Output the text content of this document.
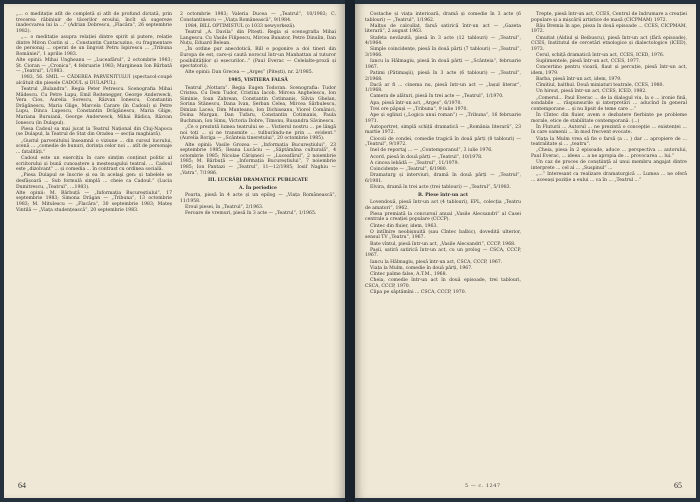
„... o meditație atît de completă și atît de profund dictată, prin trecerea răbiniuir de tăcerilor eroului, încît să sugereze inadecvarea lui la ...“ (Adrian Dobrescu, „Flacăra“, 26 septembrie 1982).

„... o meditație asupra relației dintre spirit și putere, relație dintre Miron Costin și ... Constantin Cantacuzino, cu fragmentare de personaj ... operat de un lingvist Petru Ispirescu ... „Tribuna României“, 1 aprilie 1983.

Alte opinii: Mihai Ungheanu — „Luceafărul“, 2 octombrie 1983; Șt. Cioran — „Cronica“, 4 februarie 1983; Marginean Ion Bărbată — „Teatrul“, 1/1983.

1983, 56. SMIL — CĂDEREA PARVENITULUI (spectacol-coupé alcătuit din piesele CADOUL și DULAPUL).

Teatrul „Bulandra“. Regia Peter Petrescu. Scenografia Mihai Mădescu. Cu Petre Lupu, Emil Reitenegger, George Anderweck, Vera Cios, Aurelia Sorescu, Răzvan Ionescu, Constantin Drăgănescu, Maria Glige, Marcela Carare (în Cadoul) și Petre Lupu, Dinca Lupescu, Constantin Drăgănescu, Maria Glige, Mariana Buruiană, George Anderweck, Mihai Bădica, Răzvan Ionescu (în Dulapul).

Piesa Cadoul sa mai jucat la Teatrul Național din Cluj-Napoca (se Dulapul, la Teatrul de Stat din Oradea — secția maghiară).

„Gustul parvenitului înseamnă o viziune ... din cursul lucrului, scenă ... „comedie de bunuri, dorința celor noi ... atît de personaje ... fatalități.“

Cadoul este un exercițiu în care simțim conținut politic al scriitorului și bună cunoaștere a meșteșugului teatral. ... Cadoul este „dizolvant“ ... și comedia ... în contrast cu ordinea socială.

„Piesa Dulapul se înscrie și ea în acelaşi gen: și tabelele se desfășoară ... Sub formulă simplă ... cheie ca Cadoul.“ (Lucia Dumitrescu, „Teatrul“, ...1983).

Alte opinii: M. Bărbuță — „Informația Bucureștiului“, 17 septembrie 1983; Simona Drăgan — „Tribuna“, 13 octombrie 1983; M. Mitulescu — „Flacăra“, 30 septembrie 1983; Mateș Vintilă — „Viața studențească“, 20 septembrie 1983.

2 octombrie 1983; Valeria Ducea — „Teatrul“, 10/1983; C. Constantinescu — „Viața Românească“, 9/1984.

1984, BILL OPTIMISTUL (o 1033 newyorkeză).

Teatrul „A. Davila“ din Pitești. Regia și scenografia Mihai Langescu. Cu Vasile Filipescu, Mircea Bunator, Petre Dinulin, Dan Nuțu, Eduard Belean.

„În ordine pur anecdotică, Bill e pogonire a doi tineri din Europa de est, care-și caută norocul într-un Manhattan al tuturor posibilităților și eșecurilor...“ (Paul Everac — Celelalte-proză și spectatorii).

Alte opinii: Dan Grecea — „Argeș“ (Pitești), nr. 2/1985.

1985, VISTIERA FALSĂ

Teatrul „Nottara“. Regia Eugen Todoran. Scenografia: Tudor Cristea. Cu Dem Tudor, Cristina Iacob, Mircea Anghelescu, Ion Siminie, Ioan Zahrean, Constantin Cotimanis, Silvia Ghelan, Sorina Stănescu, Dana Ivan, Șerban Celea, Mircea Sărbulescu, Dimian Lacea, Dim Munteanu, Ion Dichiseanu, Viorel Comănici, Doina Margan, Dan Tufaru, Constantin Cotimanis, Paula Buchman, Ion Simu, Victoria Dobre, Timonu, Rusandra Săvinescu.

„Ce o prezintă lumea teatrului se ... Vistierul nostru ... pe lângă noi toți ... și ne transmite ... tulburându-ne prin ... evident.“ (Aurelia Boriga — „Scânteia tineretului“, 20 octombrie 1985).

Alte opinii: Vasile Grozea — „Informația Bucureștiului“, 23 septembrie 1985; Ileana Lucăciu — „Săptămâna culturală“, 4 octombrie 1985; Nicolae Cărișneci — „Luceafărul“, 2 noiembrie 1985; M. Bărbuță — „Informația Bucureștiului“, 7 noiembrie 1985; Ion Pantazi — „Teatrul“, 11—12/1985; Iosif Naghiu — „Vatra“, 7/1986.

III. LUCRĂRI DRAMATICE PUBLICATE

A. În periodice

Poarta, piesă în 4 acte și un epilog — „Viața Românească“, 11/1958.

Eroul piesei, în „Teatrul“, 2/1963.

Feroare de vremuri, piesă în 3 acte — „Teatrul“, 1/1965.

64

Costache și viața interioară, dramă și comedie în 3 acte (6 tablouri) — „Teatrul“, 1/1962.

Malțus de calcullat, farsă satirică într-un act — „Gazeta literară“, 2 august 1963.

Stafeta nevăzută, piesă în 3 acte (12 tablouri) — „Teatrul“, 4/1964.

Simple coincidențe, piesă în două părți (7 tablouri) — „Teatrul“, 3/1966.

Iancu la Hălmagiu, piesă în două părți — „Scânteia“, februarie 1967.

Patimi (Pătimaşii), piesă în 3 acte (6 tablouri) — „Teatrul“, 2/1968.

Dacă ar fi ... cinema nu, piesă într-un act — „Iașul literar“, 1/1968.

Camera de alături, piesă în trei acte — „Teatrul“, 1/1970.

Apa, piesă într-un act, „Argeș“, 6/1970.

Trei ore păpuși — „Tribuna“, 9 iulie 1970.

Ape și oglinzi („Logica unui roman“) — „Tribuna“, 16 februarie 1971.

Autoportret, simplă schiță dramatică — „România literară“, 23 martie 1972.

Ciocoii de condei, comedie tragică în două părți (8 tablouri) — „Teatrul“, 9/1972.

Inel de reportaj ... — „Contemporanul“, 3 iulie 1976.

Acord, piesă în două părți — „Teatrul“, 10/1978.

A cincea lebădă — „Teatrul“, 11/1979.

Coincidențe — „Teatrul“, 6/1980.

Dramaturg și interviuri, dramă în două părți — „Teatrul“, 6/1981.

Elvira, dramă în trei acte (trei tablouri) — „Teatrul“, 5/1983.

B. Piese într-un act

Lovendouă, piesă într-un act (4 tablouri), EPL, colecția „Teatru de amatori“, 1962.

Piesa premiată la concursul anual „Vasile Alecsandri“ al Casei centrale a creației populare (CCCP).

Cîntec din fluier, idem, 1963.

O intîlnire neobișnuită (sau Cîntec balbic), dovedită ulterior, sensul TV „Teatru“, 1967.

Bate vîntul, piesă într-un act, „Vasile Alecsandri“, CCCP, 1968.

Pașii, satiră satirică într-un act, cu un prolog — CSCA, CCCP, 1967.

Iancu la Hălmagiu, piesă într-un act, CSCA, CCCP, 1967.

Viața la Mulm, comedie în două părți, 1967.

Cîntec palme false, A.T.M., 1968.

Cheia, comedie într-un act în două episoade, trei tablouri, CSCA, CCCP, 1970.

Clipa pe săptămîni ... CSCA, CCCP, 1970.

Trepte, piesă într-un act, CCES, Centrul de îndrumare a creației populare și a mișcării artistice de masă (CICPMAM) 1972.

Rău Bremia în ape, pieza în două episoade ... CCES, CICPMAM, 1972.

Cmuitat (Aldiul și Beibuscu), piesă într-un act (fără episoade), CCES, Institutul de cercetări etnologice și dialectologice (ICED), 1973.

Cerul, schiță dramatică într-un act, CCES, ICED, 1976.

Suplimentele, piesă într-un act, CCES, 1977.

Concertino pentru vioară, flaut și percuție, piesă într-un act, idem, 1979.

Barba, piesă într-un act, idem, 1979.

Cîmitiul, balthul. Două miniaturi teatrale, CCES, 1980.

Un hirsut, piesă într-un act, CCES, ICED, 1982.

„Comerul... Paul Everac ... de la dialogul viu, la o ... ironie fină, sondabile ... răspunsurile și interpretări ... aducînd în general contemporane ... și nu lipsit de teme care ...“

În Cîntec din fluier, avem o dezbatere fierbinte pe probleme morale, etice de stabilitate contemporană. (...)

În Fluturii ... Autorul ... ne prezintă o concepție ... existenței ... în care oamenii ... în mod frecvent evocate.

Viața la Mulm vrea să fie o farsă (a ... ) dar ... apropiere de ... teatralitate și ... „teatru“.

„Cheia, piesa în 2 episoade, aduce ... perspectiva ... autorului, Paul Everac, ... ideea ... a ne apropia de ... provocarea ... lui.“

Un caz de proces de conștiință al unui membru angajat dintre interprete ... cel al ... „Suspinul“ ...

„...“ Interesant ca realizare dramaturgică ... Lumea ... ne oferă ... aceeași poziție a eului ... ca în ... „Teatrul ...“

5 — c. 1247	65
